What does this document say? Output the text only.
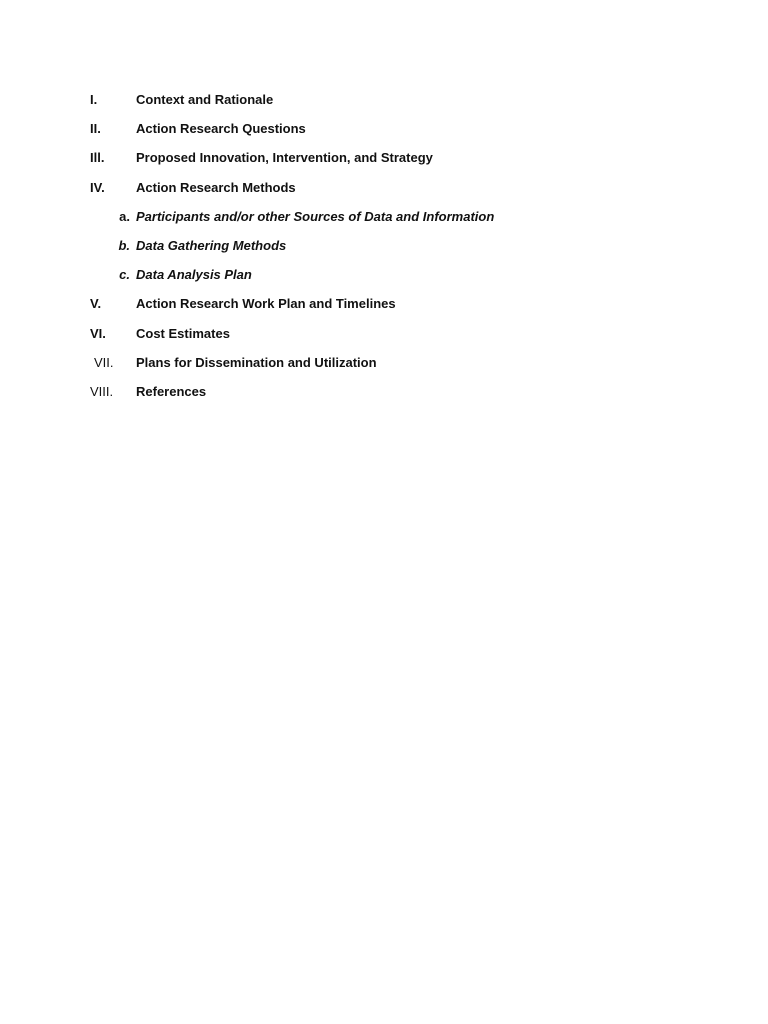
I.	Context and Rationale
II.	Action Research Questions
Ill. Proposed Innovation, Intervention, and Strategy
IV. Action Research Methods
a. Participants and/or other Sources of Data and Information
b. Data Gathering Methods
c. Data Analysis Plan
V.	Action Research Work Plan and Timelines
VI. Cost Estimates
VII. Plans for Dissemination and Utilization
VIII. References
